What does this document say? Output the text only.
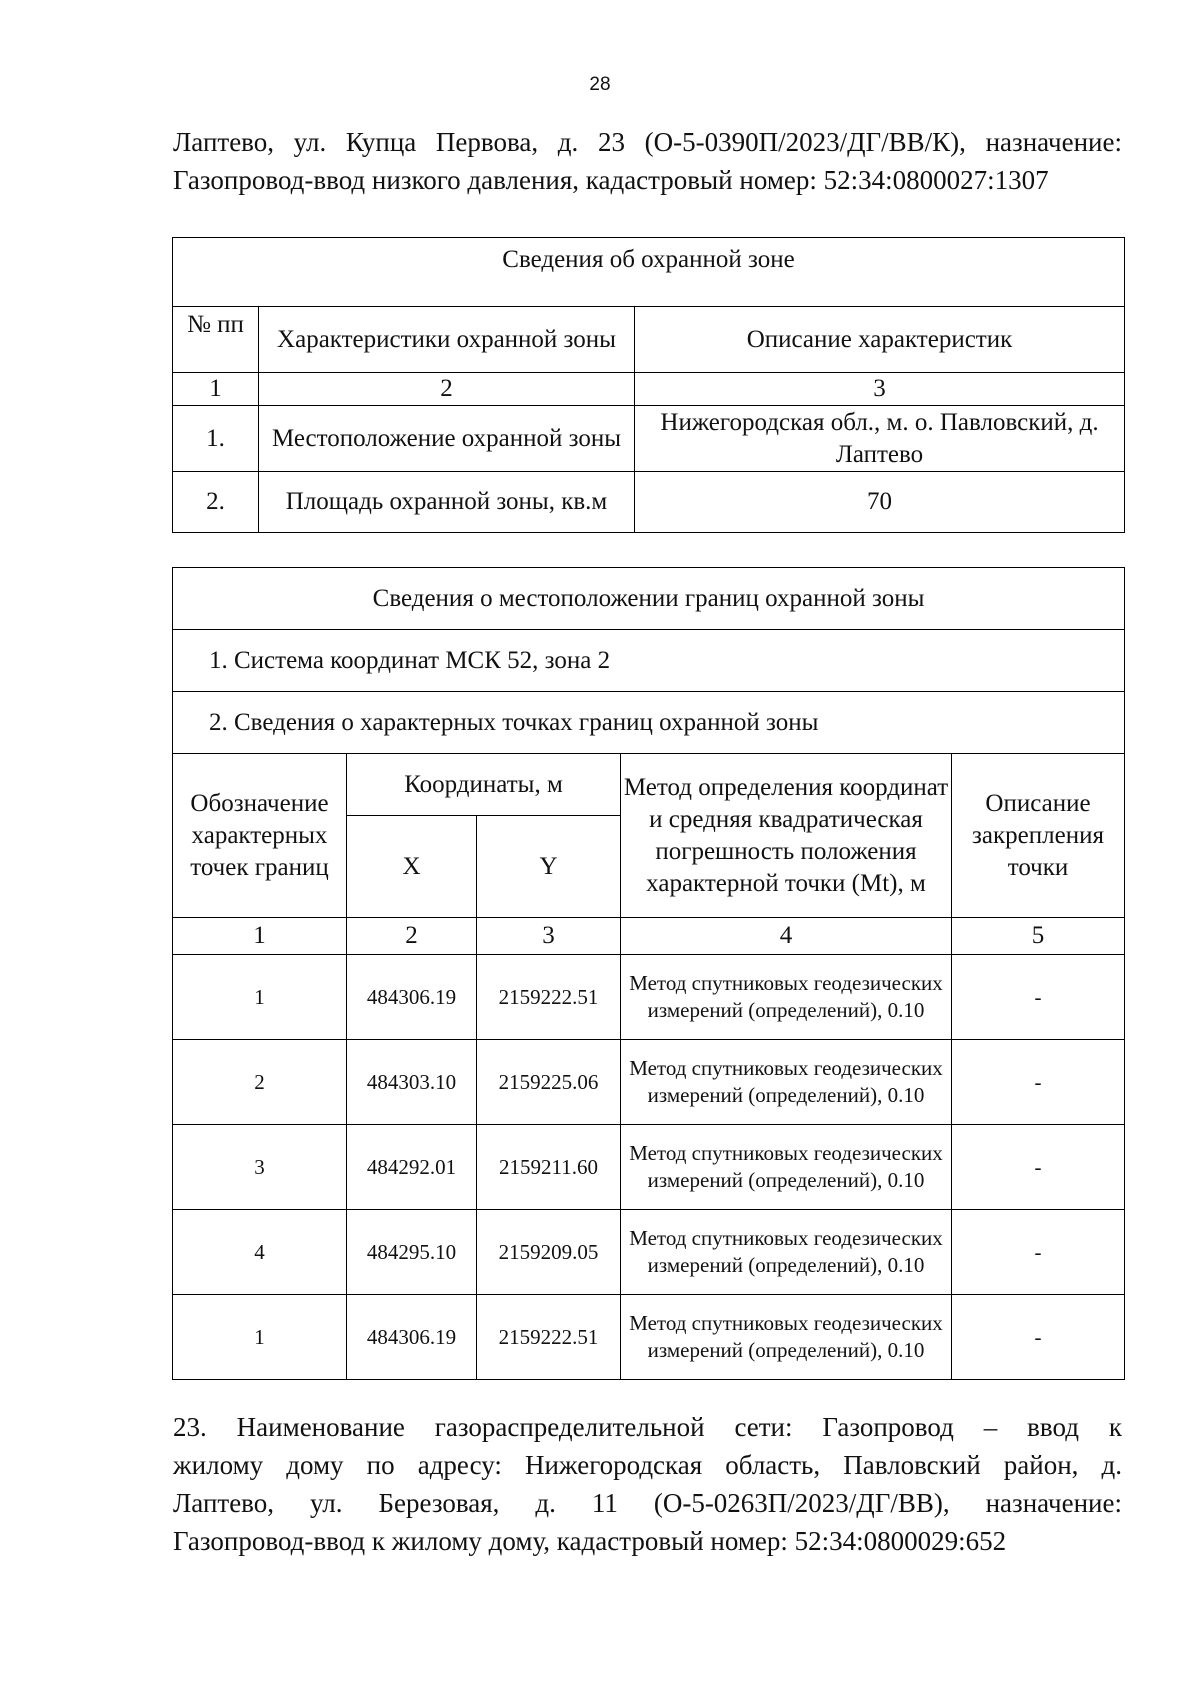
28
Лаптево, ул. Купца Первова, д. 23 (О-5-0390П/2023/ДГ/ВВ/К), назначение:
Газопровод-ввод низкого давления, кадастровый номер: 52:34:0800027:1307
Сведения об охранной зоне		
№ пп	Характеристики охранной зоны	Описание характеристик
1	2	3
1.	Местоположение охранной зоны	Нижегородская обл., м. о. Павловский, д. Лаптево
2.	Площадь охранной зоны, кв.м	70
Сведения о местоположении границ охранной зоны				
1. Система координат МСК 52, зона 2				
2. Сведения о характерных точках границ охранной зоны				
Обозначение характерных точек границ	Координаты, м		Метод определения координат и средняя квадратическая погрешность положения характерной точки (Mt), м	Описание закрепления точки
	X	Y		
1	2	3	4	5
1	484306.19	2159222.51	Метод спутниковых геодезических измерений (определений), 0.10	-
2	484303.10	2159225.06	Метод спутниковых геодезических измерений (определений), 0.10	-
3	484292.01	2159211.60	Метод спутниковых геодезических измерений (определений), 0.10	-
4	484295.10	2159209.05	Метод спутниковых геодезических измерений (определений), 0.10	-
1	484306.19	2159222.51	Метод спутниковых геодезических измерений (определений), 0.10	-
23. Наименование газораспределительной сети: Газопровод – ввод к
жилому дому по адресу: Нижегородская область, Павловский район, д.
Лаптево, ул. Березовая, д. 11 (О-5-0263П/2023/ДГ/ВВ), назначение:
Газопровод-ввод к жилому дому, кадастровый номер: 52:34:0800029:652
